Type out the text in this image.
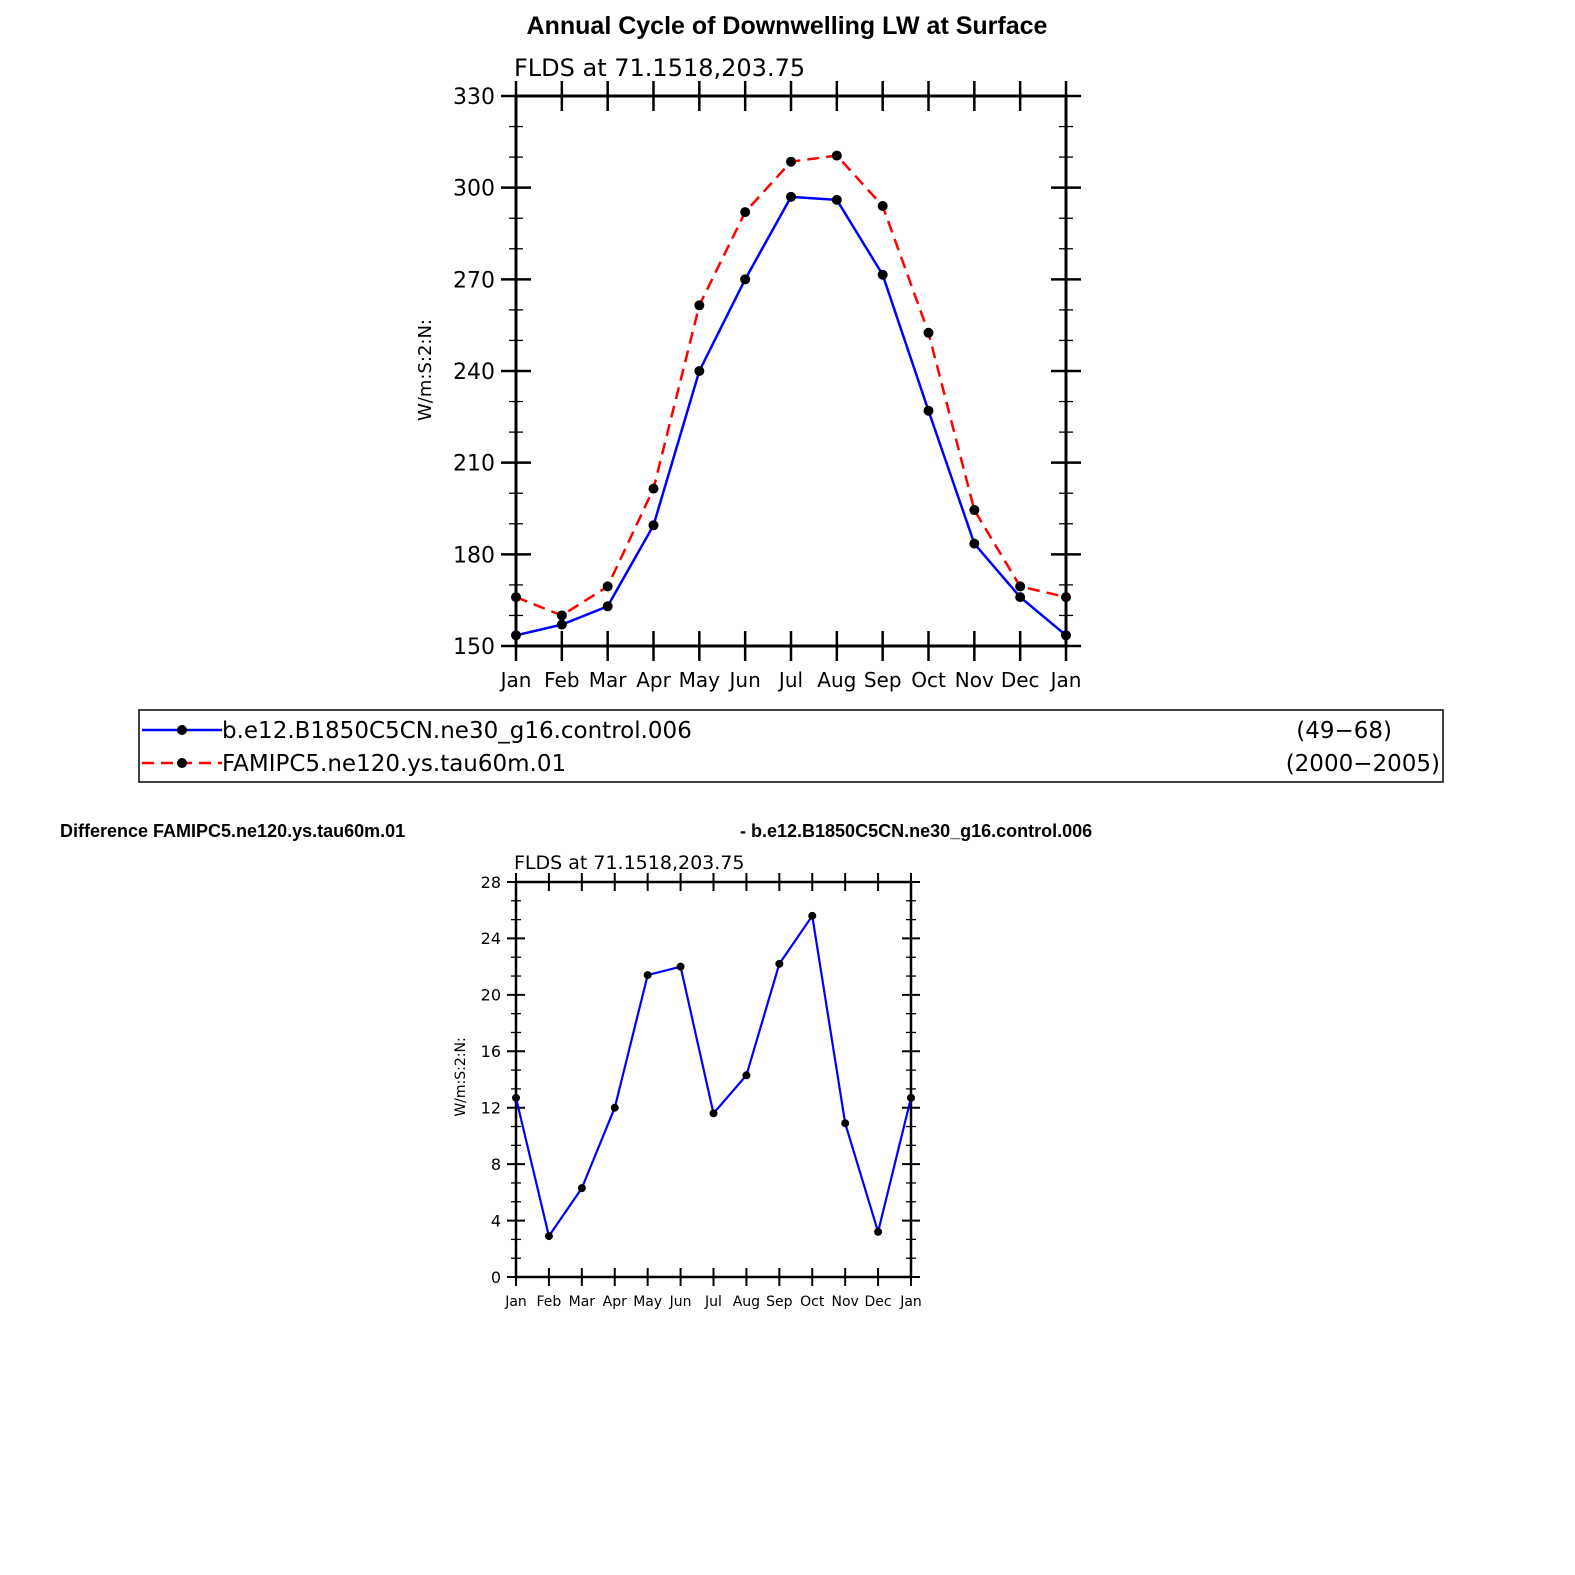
Annual Cycle of Downwelling LW at Surface
FLDS at 71.1518,203.75
W/m:S:2:N:
150
180
210
240
270
300
330
Jan Feb Mar Apr May Jun Jul Aug Sep Oct Nov Dec Jan
b.e12.B1850C5CN.ne30_g16.control.006	(49−68)
FAMIPC5.ne120.ys.tau60m.01	(2000−2005)
Difference FAMIPC5.ne120.ys.tau60m.01	- b.e12.B1850C5CN.ne30_g16.control.006
FLDS at 71.1518,203.75
W/m:S:2:N:
0
4
8
12
16
20
24
28
Jan Feb Mar Apr May Jun Jul Aug Sep Oct Nov Dec Jan
